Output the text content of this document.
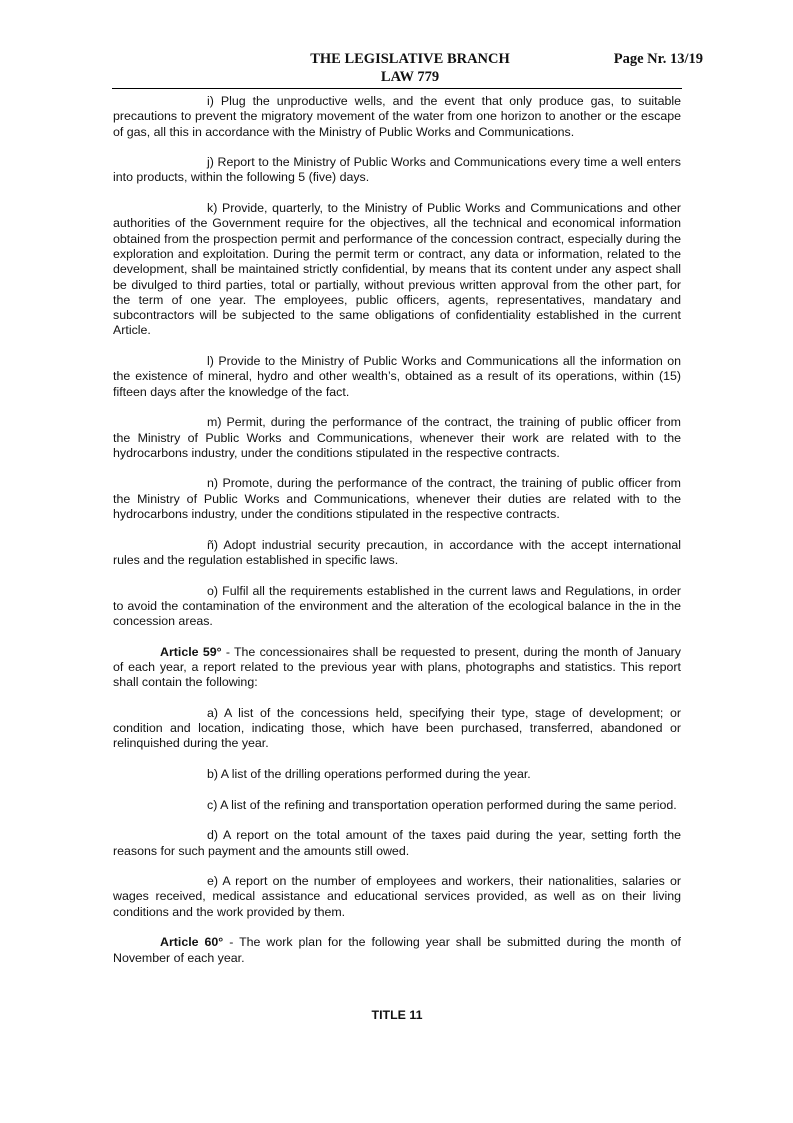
THE LEGISLATIVE BRANCH	Page Nr. 13/19
LAW 779

i) Plug the unproductive wells, and the event that only produce gas, to suitable precautions to prevent the migratory movement of the water from one horizon to another or the escape of gas, all this in accordance with the Ministry of Public Works and Communications.

j) Report to the Ministry of Public Works and Communications every time a well enters into products, within the following 5 (five) days.

k) Provide, quarterly, to the Ministry of Public Works and Communications and other authorities of the Government require for the objectives, all the technical and economical information obtained from the prospection permit and performance of the concession contract, especially during the exploration and exploitation. During the permit term or contract, any data or information, related to the development, shall be maintained strictly confidential, by means that its content under any aspect shall be divulged to third parties, total or partially, without previous written approval from the other part, for the term of one year. The employees, public officers, agents, representatives, mandatary and subcontractors will be subjected to the same obligations of confidentiality established in the current Article.

l) Provide to the Ministry of Public Works and Communications all the information on the existence of mineral, hydro and other wealth’s, obtained as a result of its operations, within (15) fifteen days after the knowledge of the fact.

m) Permit, during the performance of the contract, the training of public officer from the Ministry of Public Works and Communications, whenever their work are related with to the hydrocarbons industry, under the conditions stipulated in the respective contracts.

n) Promote, during the performance of the contract, the training of public officer from the Ministry of Public Works and Communications, whenever their duties are related with to the hydrocarbons industry, under the conditions stipulated in the respective contracts.

ñ) Adopt industrial security precaution, in accordance with the accept international rules and the regulation established in specific laws.

o) Fulfil all the requirements established in the current laws and Regulations, in order to avoid the contamination of the environment and the alteration of the ecological balance in the in the concession areas.

Article 59° - The concessionaires shall be requested to present, during the month of January of each year, a report related to the previous year with plans, photographs and statistics. This report shall contain the following:

a) A list of the concessions held, specifying their type, stage of development; or condition and location, indicating those, which have been purchased, transferred, abandoned or relinquished during the year.

b) A list of the drilling operations performed during the year.

c) A list of the refining and transportation operation performed during the same period.

d) A report on the total amount of the taxes paid during the year, setting forth the reasons for such payment and the amounts still owed.

e) A report on the number of employees and workers, their nationalities, salaries or wages received, medical assistance and educational services provided, as well as on their living conditions and the work provided by them.

Article 60° - The work plan for the following year shall be submitted during the month of November of each year.

TITLE 11
